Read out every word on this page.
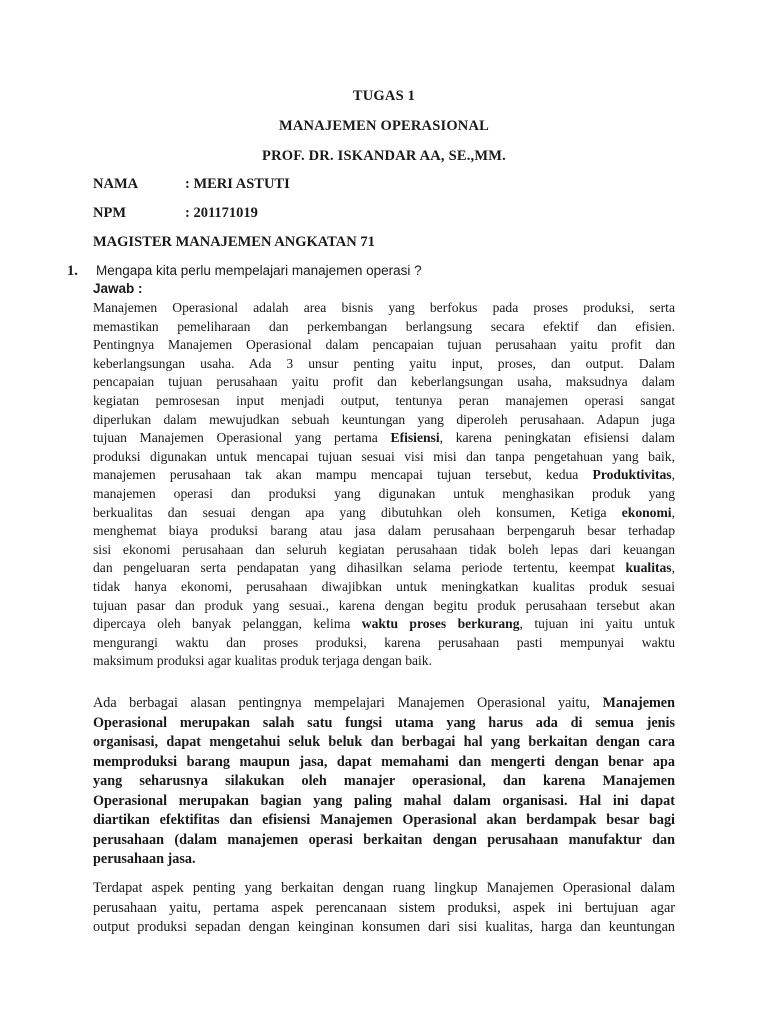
TUGAS 1
MANAJEMEN OPERASIONAL
PROF. DR. ISKANDAR AA, SE.,MM.
NAMA	: MERI ASTUTI
NPM	: 201171019
MAGISTER MANAJEMEN ANGKATAN 71
1. Mengapa kita perlu mempelajari manajemen operasi ?
Jawab :
Manajemen Operasional adalah area bisnis yang berfokus pada proses produksi, serta
memastikan pemeliharaan dan perkembangan berlangsung secara efektif dan efisien.
Pentingnya Manajemen Operasional dalam pencapaian tujuan perusahaan yaitu profit dan
keberlangsungan usaha. Ada 3 unsur penting yaitu input, proses, dan output. Dalam
pencapaian tujuan perusahaan yaitu profit dan keberlangsungan usaha, maksudnya dalam
kegiatan pemrosesan input menjadi output, tentunya peran manajemen operasi sangat
diperlukan dalam mewujudkan sebuah keuntungan yang diperoleh perusahaan. Adapun juga
tujuan Manajemen Operasional yang pertama Efisiensi, karena peningkatan efisiensi dalam
produksi digunakan untuk mencapai tujuan sesuai visi misi dan tanpa pengetahuan yang baik,
manajemen perusahaan tak akan mampu mencapai tujuan tersebut, kedua Produktivitas,
manajemen operasi dan produksi yang digunakan untuk menghasikan produk yang
berkualitas dan sesuai dengan apa yang dibutuhkan oleh konsumen, Ketiga ekonomi,
menghemat biaya produksi barang atau jasa dalam perusahaan berpengaruh besar terhadap
sisi ekonomi perusahaan dan seluruh kegiatan perusahaan tidak boleh lepas dari keuangan
dan pengeluaran serta pendapatan yang dihasilkan selama periode tertentu, keempat kualitas,
tidak hanya ekonomi, perusahaan diwajibkan untuk meningkatkan kualitas produk sesuai
tujuan pasar dan produk yang sesuai., karena dengan begitu produk perusahaan tersebut akan
dipercaya oleh banyak pelanggan, kelima waktu proses berkurang, tujuan ini yaitu untuk
mengurangi waktu dan proses produksi, karena perusahaan pasti mempunyai waktu
maksimum produksi agar kualitas produk terjaga dengan baik.
Ada berbagai alasan pentingnya mempelajari Manajemen Operasional yaitu, Manajemen
Operasional merupakan salah satu fungsi utama yang harus ada di semua jenis
organisasi, dapat mengetahui seluk beluk dan berbagai hal yang berkaitan dengan cara
memproduksi barang maupun jasa, dapat memahami dan mengerti dengan benar apa
yang seharusnya silakukan oleh manajer operasional, dan karena Manajemen
Operasional merupakan bagian yang paling mahal dalam organisasi. Hal ini dapat
diartikan efektifitas dan efisiensi Manajemen Operasional akan berdampak besar bagi
perusahaan (dalam manajemen operasi berkaitan dengan perusahaan manufaktur dan
perusahaan jasa.
Terdapat aspek penting yang berkaitan dengan ruang lingkup Manajemen Operasional dalam
perusahaan yaitu, pertama aspek perencanaan sistem produksi, aspek ini bertujuan agar
output produksi sepadan dengan keinginan konsumen dari sisi kualitas, harga dan keuntungan
